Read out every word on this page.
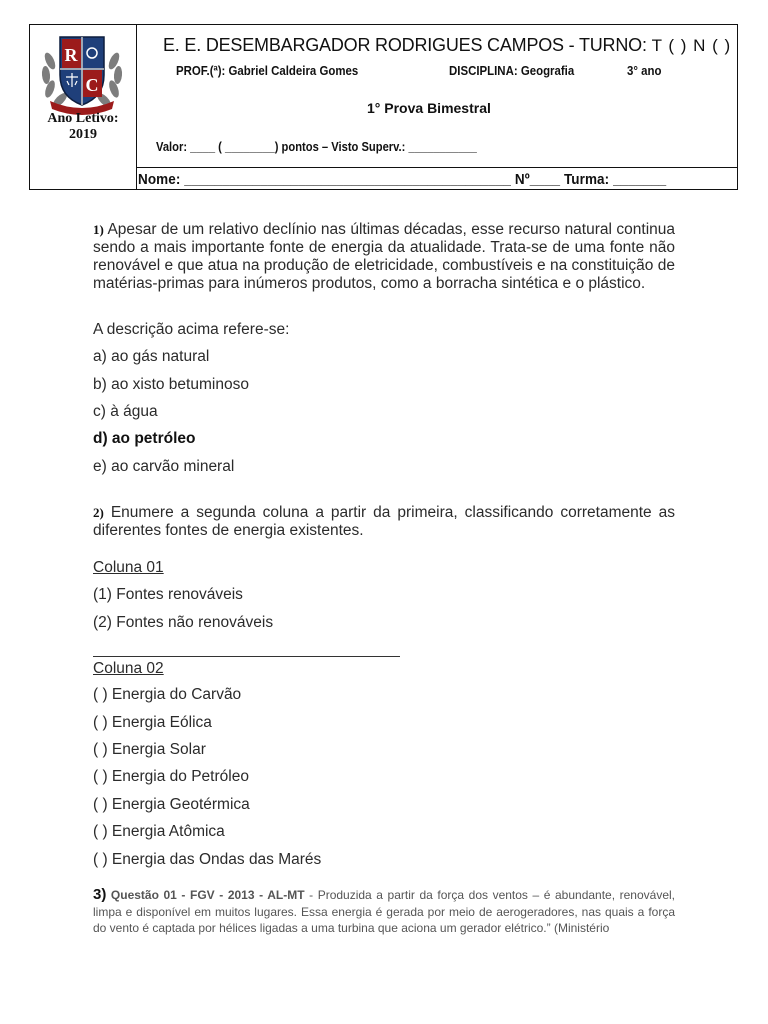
R
C
Ano Letivo:
2019
E. E. DESEMBARGADOR RODRIGUES CAMPOS - TURNO: T ( ) N ( )
PROF.(ª): Gabriel Caldeira Gomes	DISCIPLINA: Geografia	3° ano
1° Prova Bimestral
Valor: ____ ( ________) pontos – Visto Superv.: ___________
Nome: ___________________________________________ Nº____ Turma: _______
1) Apesar de um relativo declínio nas últimas décadas, esse recurso natural continua sendo a mais importante fonte de energia da atualidade. Trata-se de uma fonte não renovável e que atua na produção de eletricidade, combustíveis e na constituição de matérias-primas para inúmeros produtos, como a borracha sintética e o plástico.
A descrição acima refere-se:
a) ao gás natural
b) ao xisto betuminoso
c) à água
d) ao petróleo
e) ao carvão mineral
2) Enumere a segunda coluna a partir da primeira, classificando corretamente as diferentes fontes de energia existentes.
Coluna 01
(1) Fontes renováveis
(2) Fontes não renováveis
Coluna 02
( ) Energia do Carvão
( ) Energia Eólica
( ) Energia Solar
( ) Energia do Petróleo
( ) Energia Geotérmica
( ) Energia Atômica
( ) Energia das Ondas das Marés
3) Questão 01 - FGV - 2013 - AL-MT - Produzida a partir da força dos ventos – é abundante, renovável, limpa e disponível em muitos lugares. Essa energia é gerada por meio de aerogeradores, nas quais a força do vento é captada por hélices ligadas a uma turbina que aciona um gerador elétrico.” (Ministério
